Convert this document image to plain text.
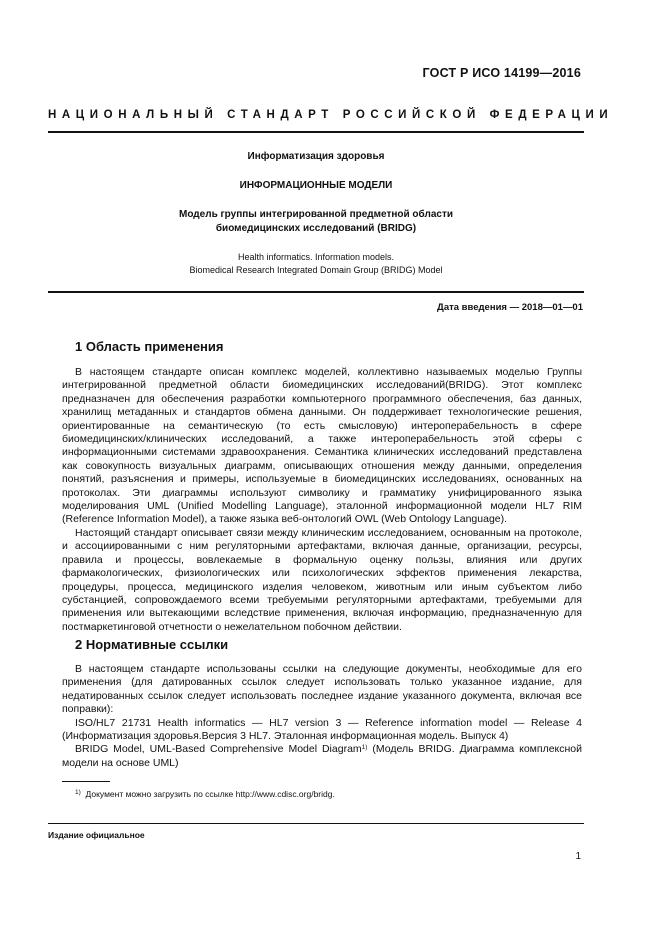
ГОСТ Р ИСО 14199—2016
НАЦИОНАЛЬНЫЙ СТАНДАРТ РОССИЙСКОЙ ФЕДЕРАЦИИ
Информатизация здоровья
ИНФОРМАЦИОННЫЕ МОДЕЛИ
Модель группы интегрированной предметной области
биомедицинских исследований (BRIDG)
Health informatics. Information models.
Biomedical Research Integrated Domain Group (BRIDG) Model
Дата введения — 2018—01—01
1 Область применения

В настоящем стандарте описан комплекс моделей, коллективно называемых моделью Группы интегрированной предметной области биомедицинских исследований(BRIDG). Этот комплекс предназначен для обеспечения разработки компьютерного программного обеспечения, баз данных, хранилищ метаданных и стандартов обмена данными. Он поддерживает технологические решения, ориентированные на семантическую (то есть смысловую) интероперабельность в сфере биомедицинских/клинических исследований, а также интероперабельность этой сферы с информационными системами здравоохранения. Семантика клинических исследований представлена как совокупность визуальных диаграмм, описывающих отношения между данными, определения понятий, разъяснения и примеры, используемые в биомедицинских исследованиях, основанных на протоколах. Эти диаграммы используют символику и грамматику унифицированного языка моделирования UML (Unified Modelling Language), эталонной информационной модели HL7 RIM (Reference Information Model), а также языка веб-онтологий OWL (Web Ontology Language).

Настоящий стандарт описывает связи между клиническим исследованием, основанным на протоколе, и ассоциированными с ним регуляторными артефактами, включая данные, организации, ресурсы, правила и процессы, вовлекаемые в формальную оценку пользы, влияния или других фармакологических, физиологических или психологических эффектов применения лекарства, процедуры, процесса, медицинского изделия человеком, животным или иным субъектом либо субстанцией, сопровождаемого всеми требуемыми регуляторными артефактами, требуемыми для применения или вытекающими вследствие применения, включая информацию, предназначенную для постмаркетинговой отчетности о нежелательном побочном действии.

2 Нормативные ссылки

В настоящем стандарте использованы ссылки на следующие документы, необходимые для его применения (для датированных ссылок следует использовать только указанное издание, для недатированных ссылок следует использовать последнее издание указанного документа, включая все поправки):

ISO/HL7 21731 Health informatics — HL7 version 3 — Reference information model — Release 4 (Информатизация здоровья.Версия 3 HL7. Эталонная информационная модель. Выпуск 4)

BRIDG Model, UML-Based Comprehensive Model Diagram$^{1)}$ (Модель BRIDG. Диаграмма комплексной модели на основе UML)

$^{1)}$ Документ можно загрузить по ссылке http://www.cdisc.org/bridg.
Издание официальное
1
